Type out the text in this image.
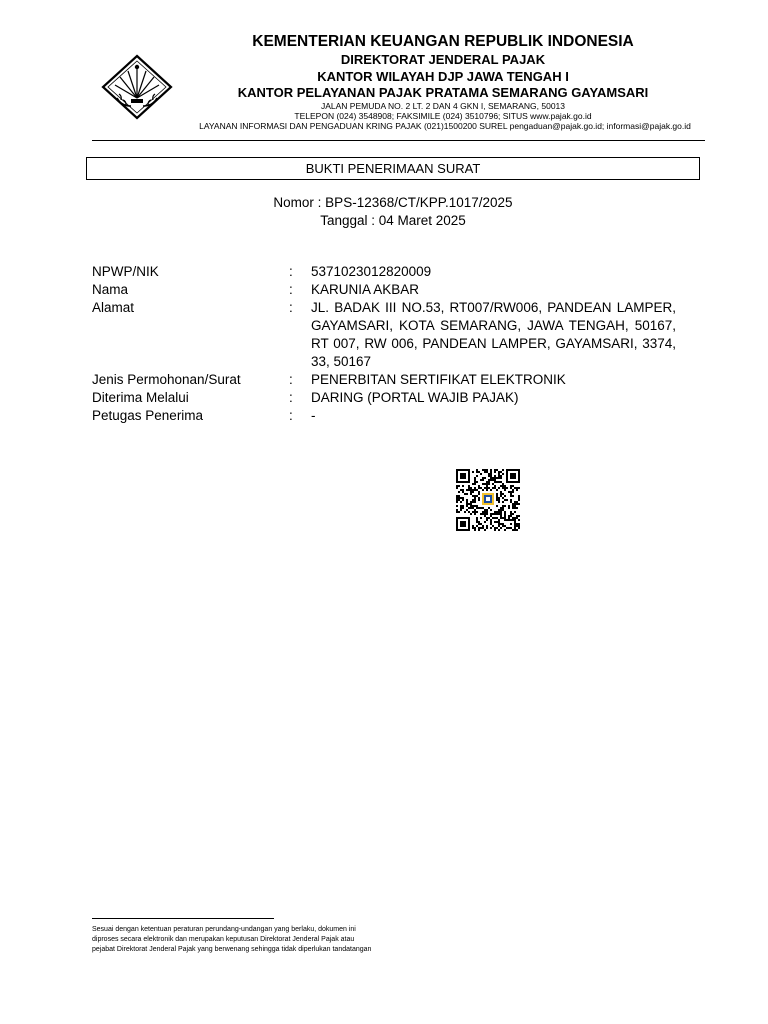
KEMENTERIAN KEUANGAN REPUBLIK INDONESIA
DIREKTORAT JENDERAL PAJAK
KANTOR WILAYAH DJP JAWA TENGAH I
KANTOR PELAYANAN PAJAK PRATAMA SEMARANG GAYAMSARI
JALAN PEMUDA NO. 2 LT. 2 DAN 4 GKN I, SEMARANG, 50013
TELEPON (024) 3548908; FAKSIMILE (024) 3510796; SITUS www.pajak.go.id
LAYANAN INFORMASI DAN PENGADUAN KRING PAJAK (021)1500200 SUREL pengaduan@pajak.go.id; informasi@pajak.go.id
BUKTI PENERIMAAN SURAT
Nomor : BPS-12368/CT/KPP.1017/2025
Tanggal : 04 Maret 2025
NPWP/NIK	: 5371023012820009
Nama	: KARUNIA AKBAR
Alamat	: JL. BADAK III NO.53, RT007/RW006, PANDEAN LAMPER, GAYAMSARI, KOTA SEMARANG, JAWA TENGAH, 50167, RT 007, RW 006, PANDEAN LAMPER, GAYAMSARI, 3374, 33, 50167
Jenis Permohonan/Surat	: PENERBITAN SERTIFIKAT ELEKTRONIK
Diterima Melalui	: DARING (PORTAL WAJIB PAJAK)
Petugas Penerima	: -
Sesuai dengan ketentuan peraturan perundang-undangan yang berlaku, dokumen ini
diproses secara elektronik dan merupakan keputusan Direktorat Jenderal Pajak atau
pejabat Direktorat Jenderal Pajak yang berwenang sehingga tidak diperlukan tandatangan
